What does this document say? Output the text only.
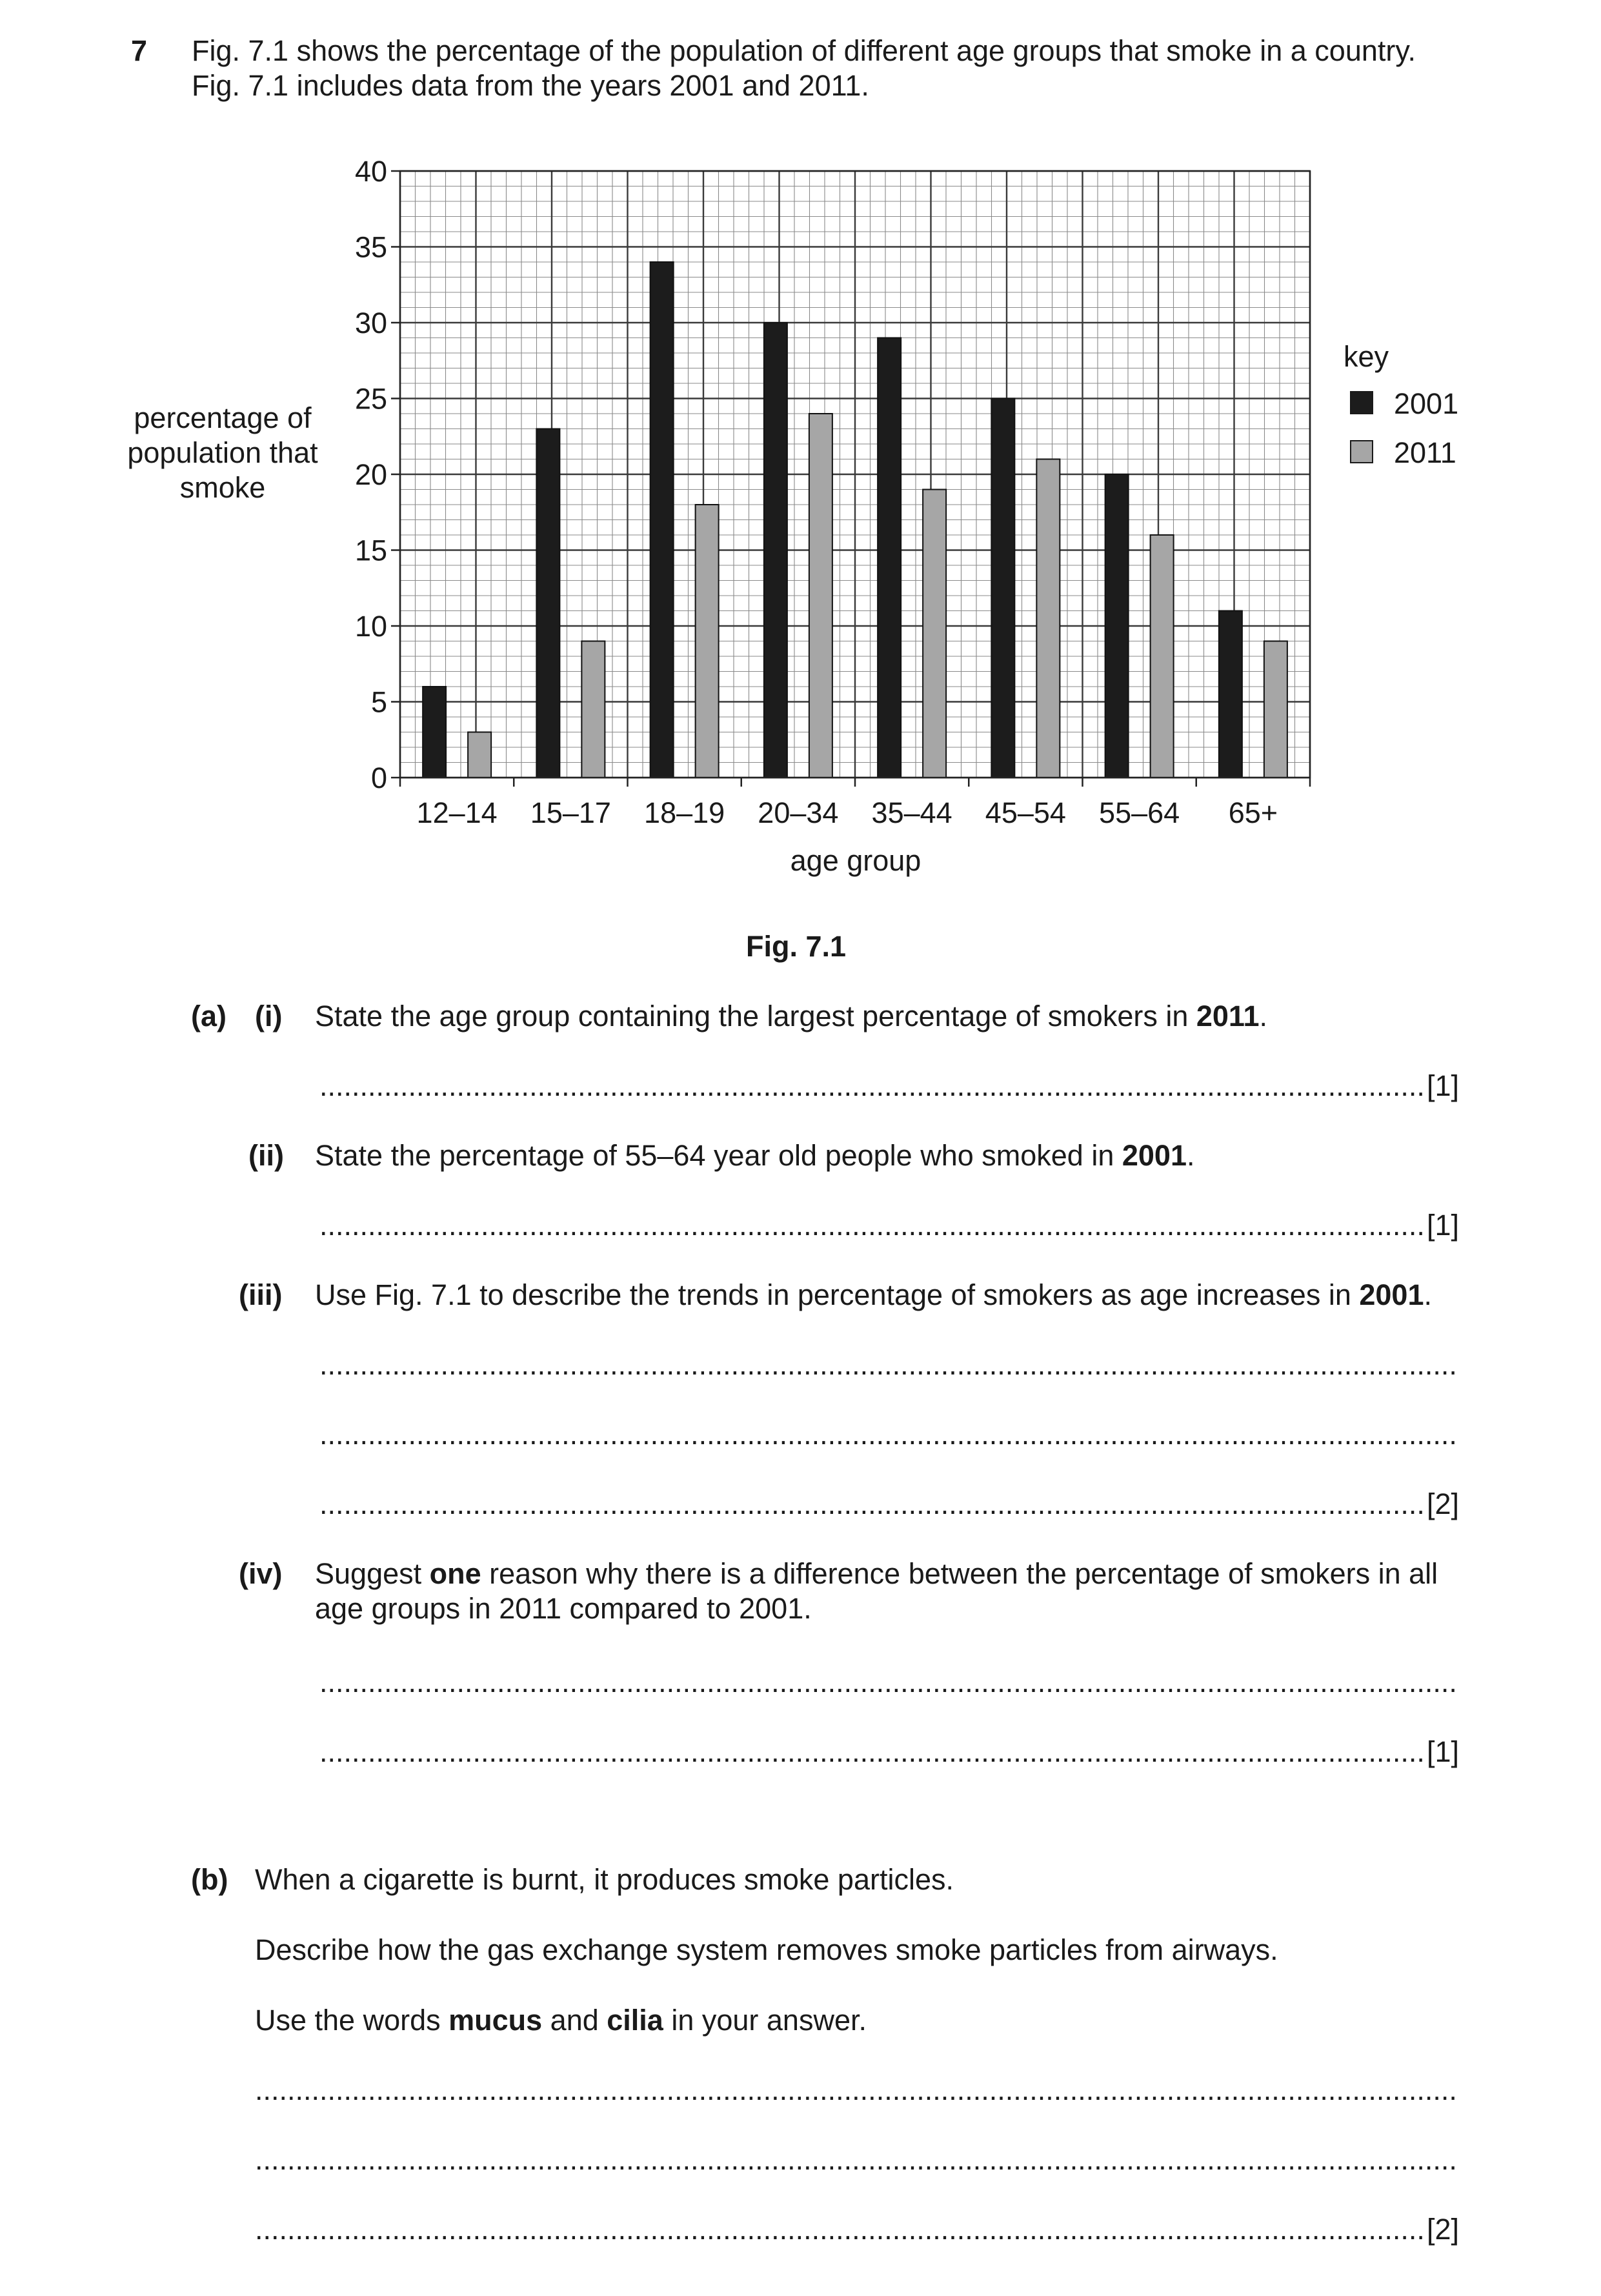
7 Fig. 7.1 shows the percentage of the population of different age groups that smoke in a country.
Fig. 7.1 includes data from the years 2001 and 2011.
0
5
10
15
20
25
30
35
40
12–14 15–17 18–19 20–34 35–44 45–54 55–64 65+
age group
percentage of
population that
smoke
key
2001
2011
Fig. 7.1
(a) (i) State the age group containing the largest percentage of smokers in 2011.
.....
[1]
(ii) State the percentage of 55–64 year old people who smoked in 2001.
.....
[1]
(iii) Use Fig. 7.1 to describe the trends in percentage of smokers as age increases in 2001.
.....
.....
.....
[2]
(iv) Suggest one reason why there is a difference between the percentage of smokers in all
age groups in 2011 compared to 2001.
.....
.....
[1]
(b) When a cigarette is burnt, it produces smoke particles.
Describe how the gas exchange system removes smoke particles from airways.
Use the words mucus and cilia in your answer.
.....
.....
.....
[2]
